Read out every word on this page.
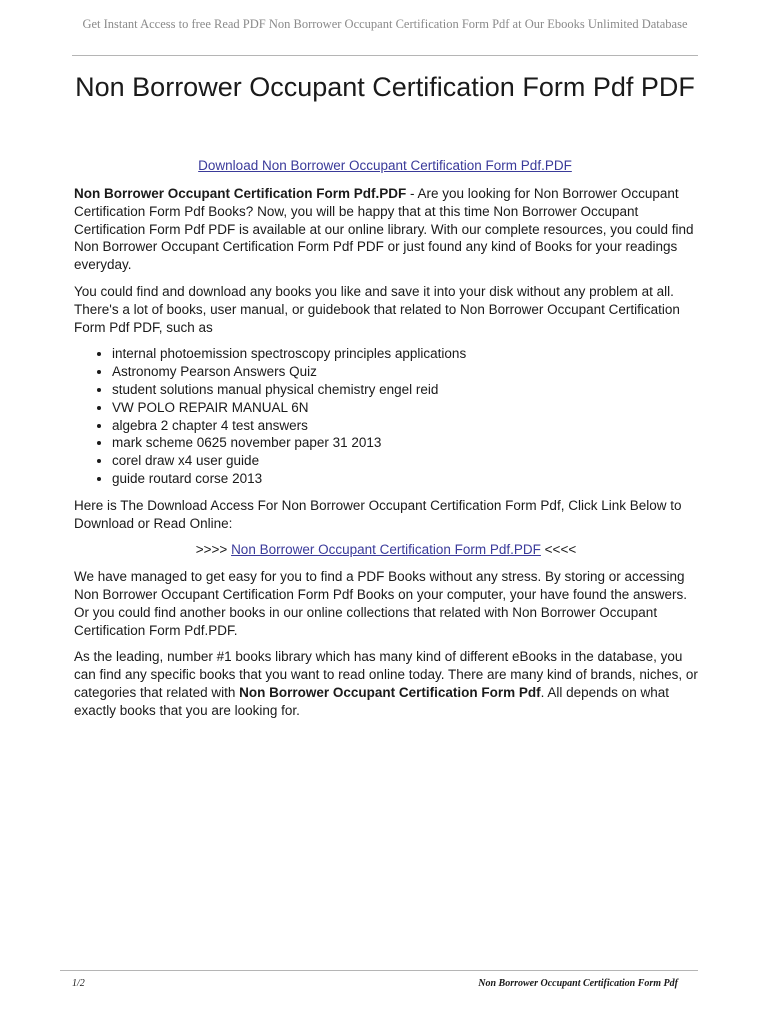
Get Instant Access to free Read PDF Non Borrower Occupant Certification Form Pdf at Our Ebooks Unlimited Database
Non Borrower Occupant Certification Form Pdf PDF
Download Non Borrower Occupant Certification Form Pdf.PDF

Non Borrower Occupant Certification Form Pdf.PDF - Are you looking for Non Borrower Occupant Certification Form Pdf Books? Now, you will be happy that at this time Non Borrower Occupant Certification Form Pdf PDF is available at our online library. With our complete resources, you could find Non Borrower Occupant Certification Form Pdf PDF or just found any kind of Books for your readings everyday.

You could find and download any books you like and save it into your disk without any problem at all. There's a lot of books, user manual, or guidebook that related to Non Borrower Occupant Certification Form Pdf PDF, such as

• internal photoemission spectroscopy principles applications
• Astronomy Pearson Answers Quiz
• student solutions manual physical chemistry engel reid
• VW POLO REPAIR MANUAL 6N
• algebra 2 chapter 4 test answers
• mark scheme 0625 november paper 31 2013
• corel draw x4 user guide
• guide routard corse 2013

Here is The Download Access For Non Borrower Occupant Certification Form Pdf, Click Link Below to Download or Read Online:

>>>> Non Borrower Occupant Certification Form Pdf.PDF <<<<

We have managed to get easy for you to find a PDF Books without any stress. By storing or accessing Non Borrower Occupant Certification Form Pdf Books on your computer, your have found the answers. Or you could find another books in our online collections that related with Non Borrower Occupant Certification Form Pdf.PDF.

As the leading, number #1 books library which has many kind of different eBooks in the database, you can find any specific books that you want to read online today. There are many kind of brands, niches, or categories that related with Non Borrower Occupant Certification Form Pdf. All depends on what exactly books that you are looking for.

1/2	Non Borrower Occupant Certification Form Pdf
